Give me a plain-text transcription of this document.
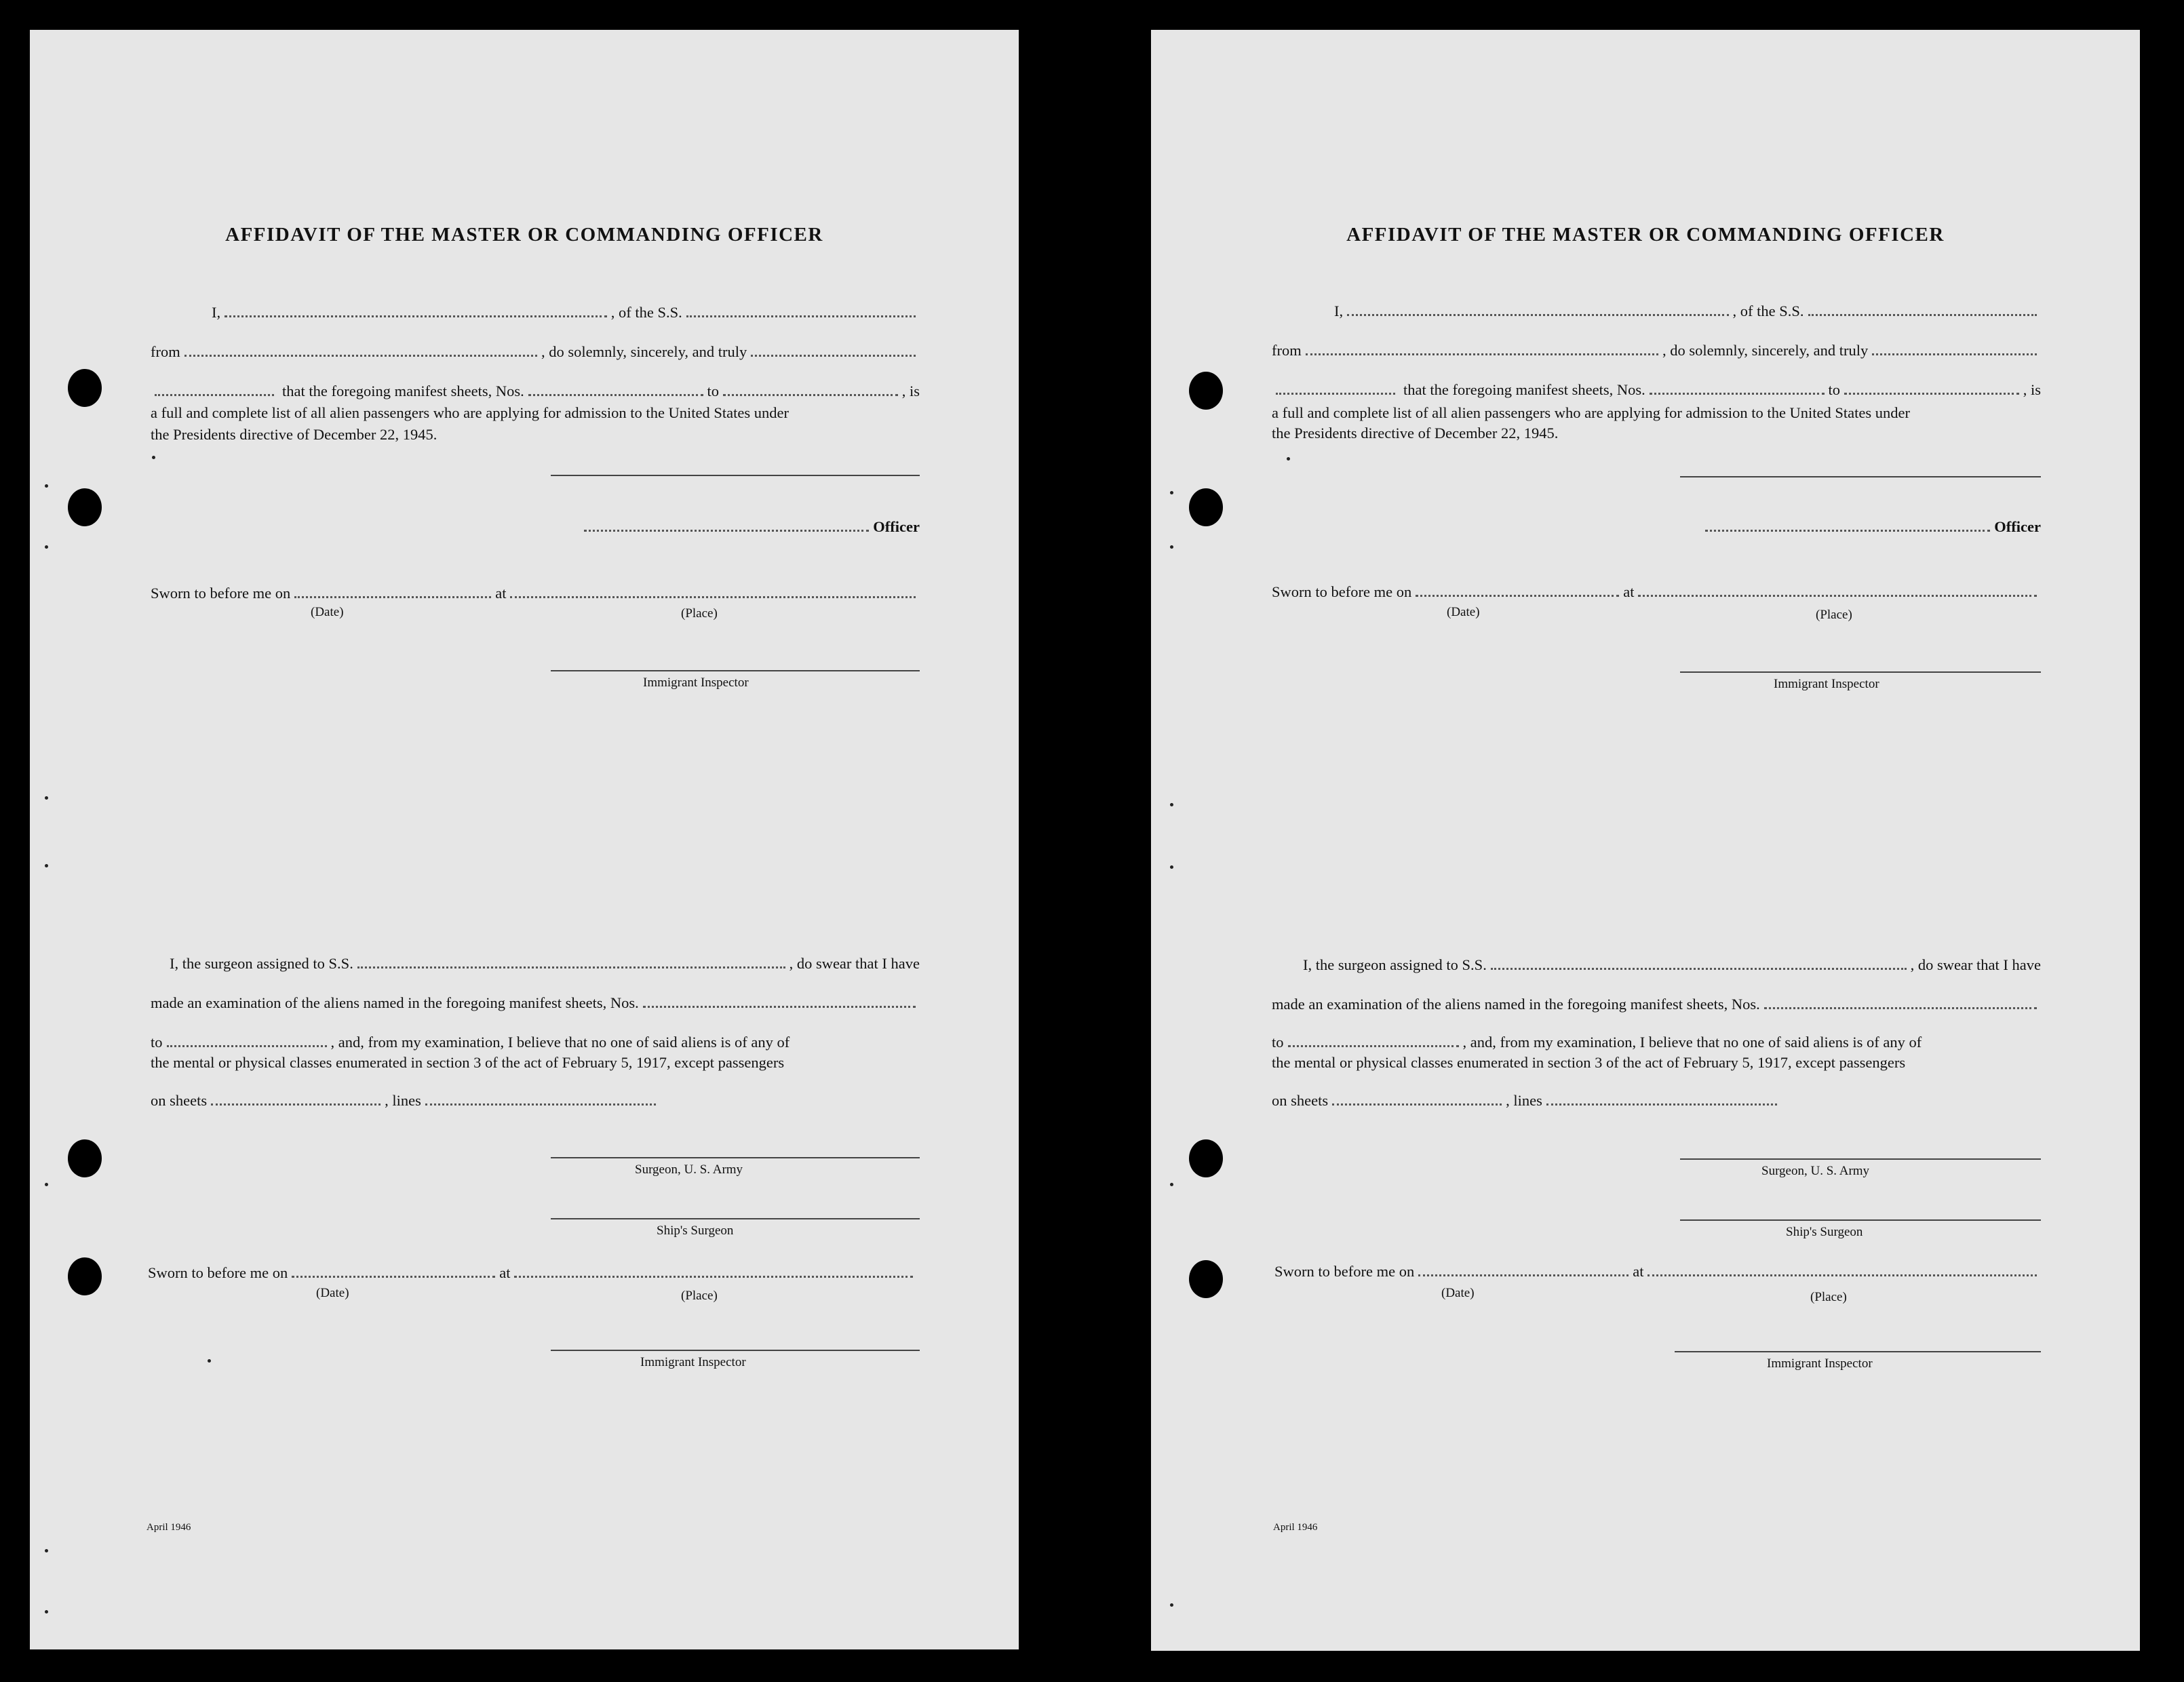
AFFIDAVIT OF THE MASTER OR COMMANDING OFFICER
I,	, of the S.S.
from	, do solemnly, sincerely, and truly
that the foregoing manifest sheets, Nos.	to	, is
a full and complete list of all alien passengers who are applying for admission to the United States under
the Presidents directive of December 22, 1945.
Officer
Sworn to before me on	at
(Date)	(Place)
Immigrant Inspector
I, the surgeon assigned to S.S.	, do swear that I have
made an examination of the aliens named in the foregoing manifest sheets, Nos.
to	, and, from my examination, I believe that no one of said aliens is of any of
the mental or physical classes enumerated in section 3 of the act of February 5, 1917, except passengers
on sheets	, lines
Surgeon, U. S. Army
Ship's Surgeon
Sworn to before me on	at
(Date)	(Place)
Immigrant Inspector
April 1946
AFFIDAVIT OF THE MASTER OR COMMANDING OFFICER
I,	, of the S.S.
from	, do solemnly, sincerely, and truly
that the foregoing manifest sheets, Nos.	to	, is
a full and complete list of all alien passengers who are applying for admission to the United States under
the Presidents directive of December 22, 1945.
Officer
Sworn to before me on	at
(Date)	(Place)
Immigrant Inspector
I, the surgeon assigned to S.S.	, do swear that I have
made an examination of the aliens named in the foregoing manifest sheets, Nos.
to	, and, from my examination, I believe that no one of said aliens is of any of
the mental or physical classes enumerated in section 3 of the act of February 5, 1917, except passengers
on sheets	, lines
Surgeon, U. S. Army
Ship's Surgeon
Sworn to before me on	at
(Date)	(Place)
Immigrant Inspector
April 1946
